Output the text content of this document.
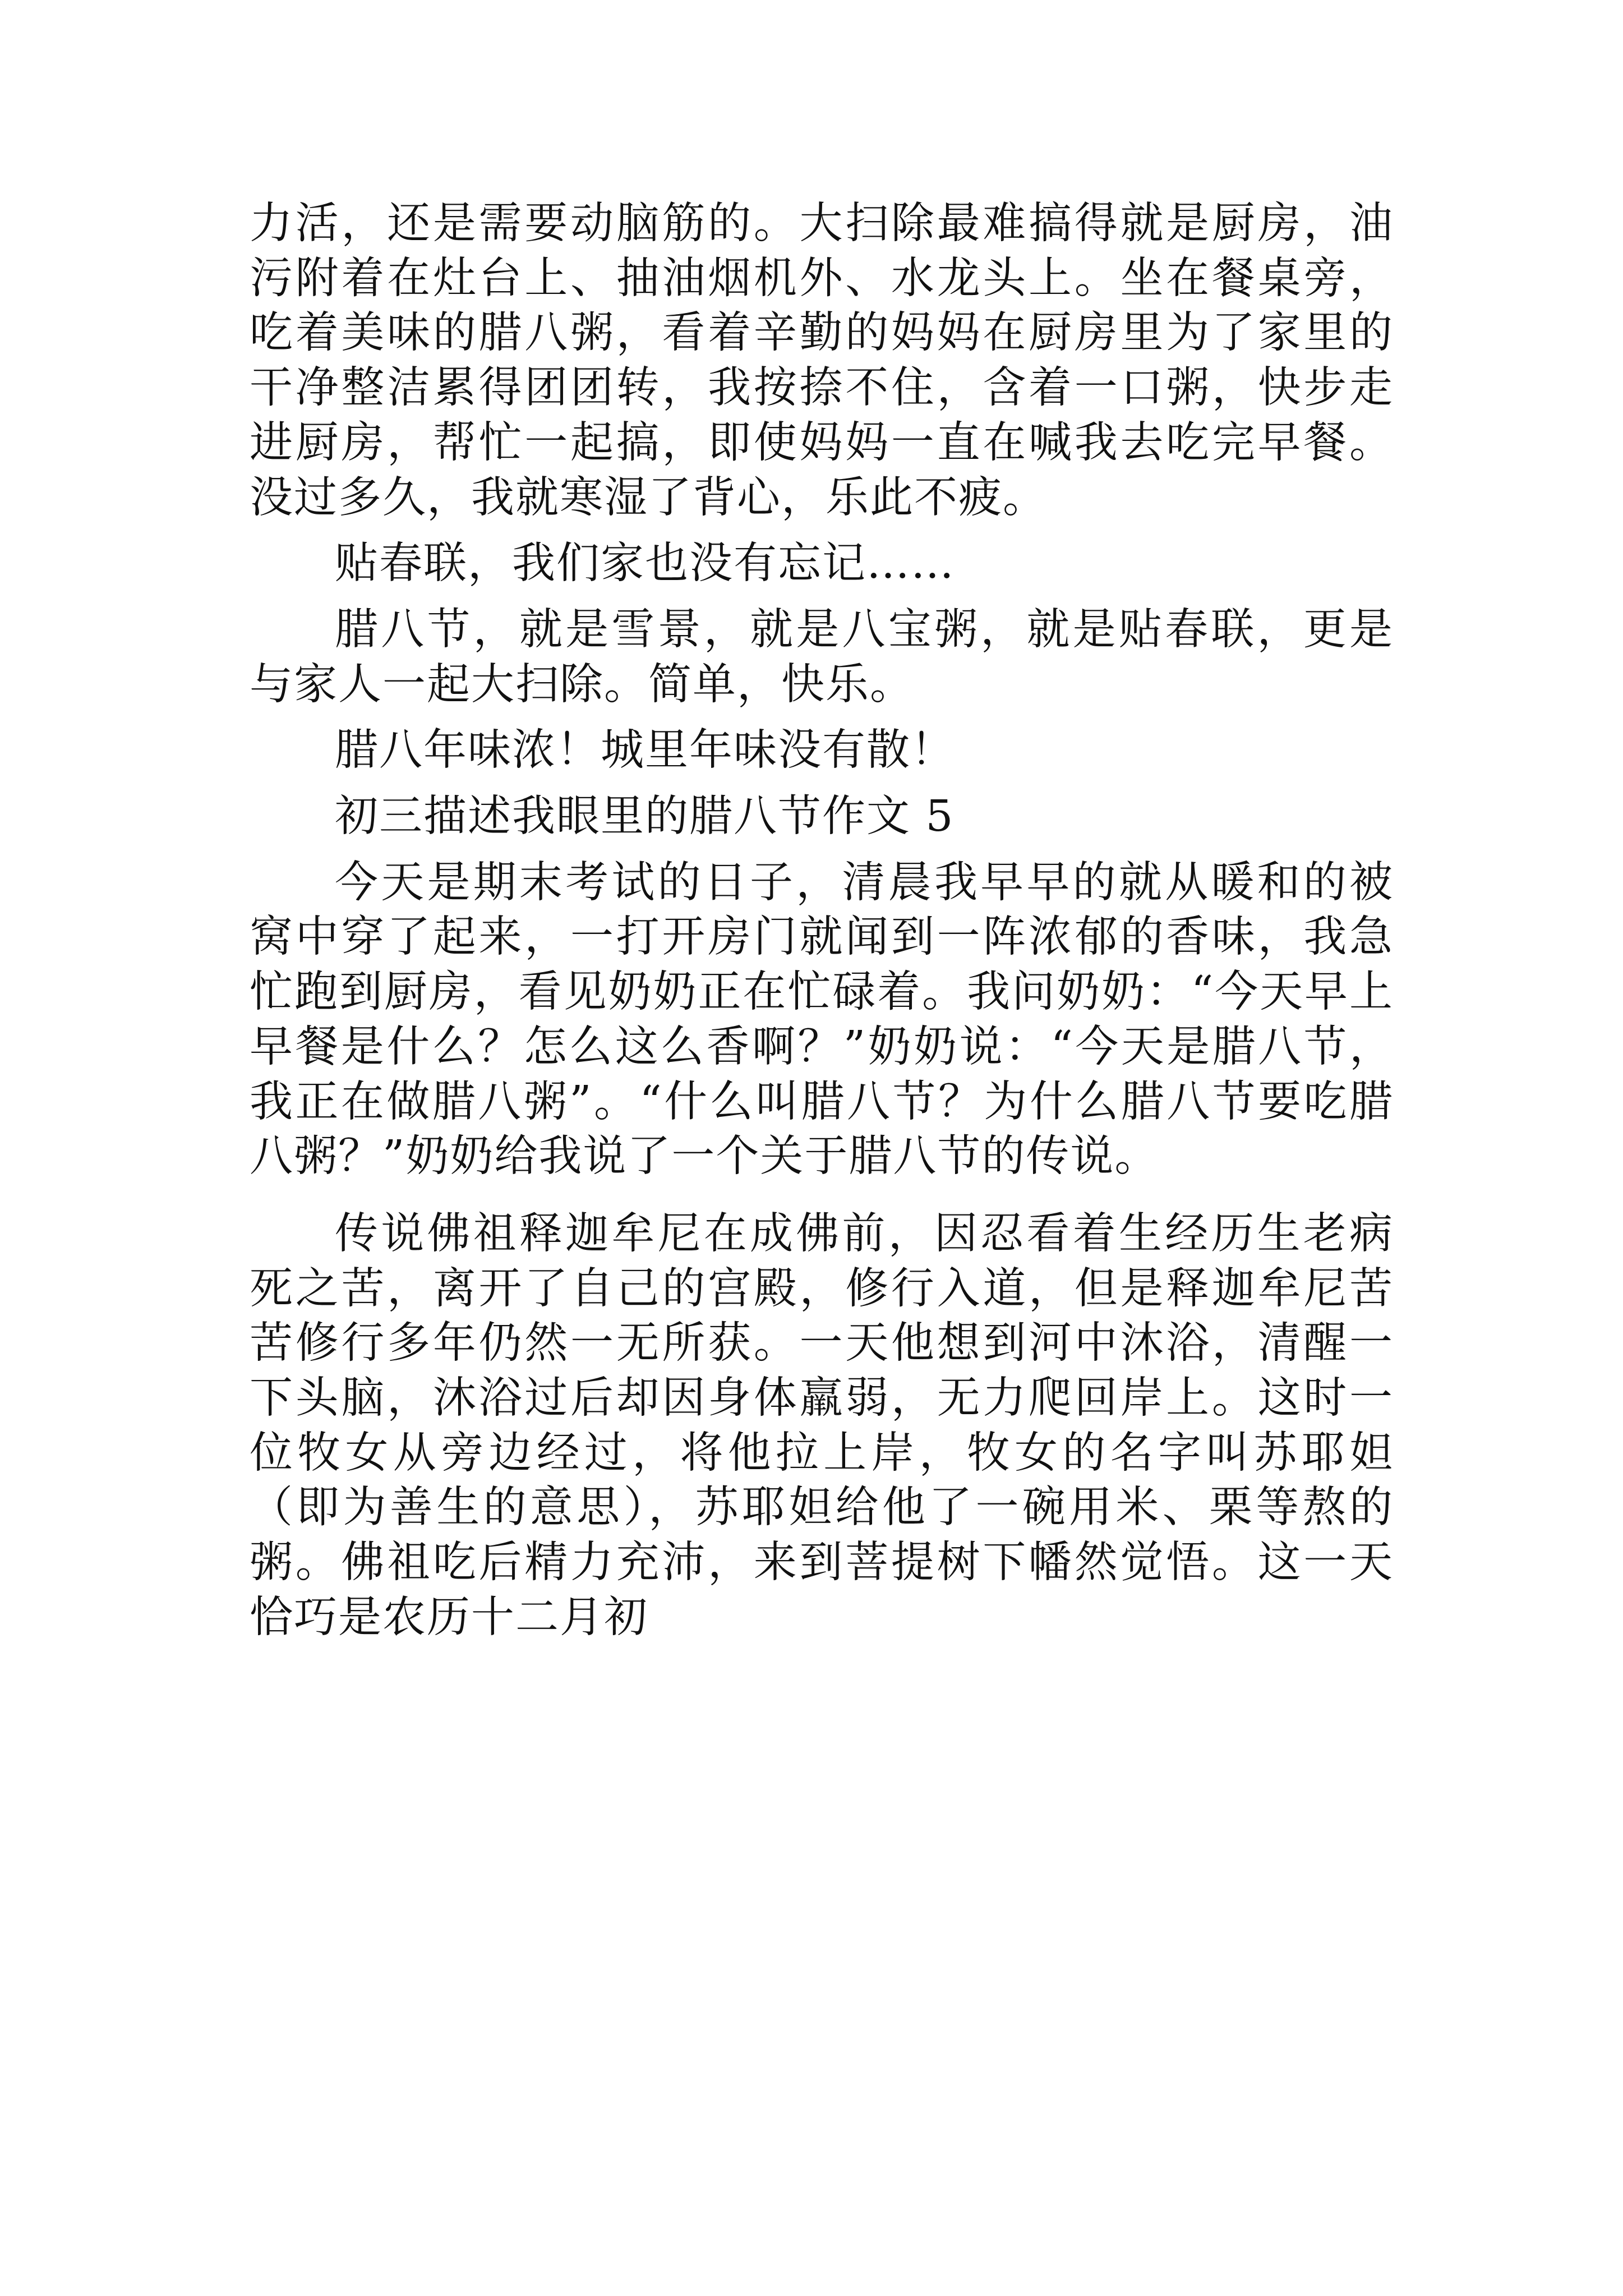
力活，还是需要动脑筋的。大扫除最难搞得就是厨房，油污附着在灶台上、抽油烟机外、水龙头上。坐在餐桌旁，吃着美味的腊八粥，看着辛勤的妈妈在厨房里为了家里的干净整洁累得团团转，我按捺不住，含着一口粥，快步走进厨房，帮忙一起搞，即使妈妈一直在喊我去吃完早餐。没过多久，我就寒湿了背心，乐此不疲。

贴春联，我们家也没有忘记……

腊八节，就是雪景，就是八宝粥，就是贴春联，更是与家人一起大扫除。简单，快乐。

腊八年味浓！城里年味没有散！

初三描述我眼里的腊八节作文 5

今天是期末考试的日子，清晨我早早的就从暖和的被窝中穿了起来，一打开房门就闻到一阵浓郁的香味，我急忙跑到厨房，看见奶奶正在忙碌着。我问奶奶：“今天早上早餐是什么？怎么这么香啊？”奶奶说：“今天是腊八节，我正在做腊八粥”。“什么叫腊八节？为什么腊八节要吃腊八粥？”奶奶给我说了一个关于腊八节的传说。

传说佛祖释迦牟尼在成佛前，因忍看着生经历生老病死之苦，离开了自己的宫殿，修行入道，但是释迦牟尼苦苦修行多年仍然一无所获。一天他想到河中沐浴，清醒一下头脑，沐浴过后却因身体羸弱，无力爬回岸上。这时一位牧女从旁边经过，将他拉上岸，牧女的名字叫苏耶妲（即为善生的意思），苏耶妲给他了一碗用米、栗等熬的粥。佛祖吃后精力充沛，来到菩提树下幡然觉悟。这一天恰巧是农历十二月初
